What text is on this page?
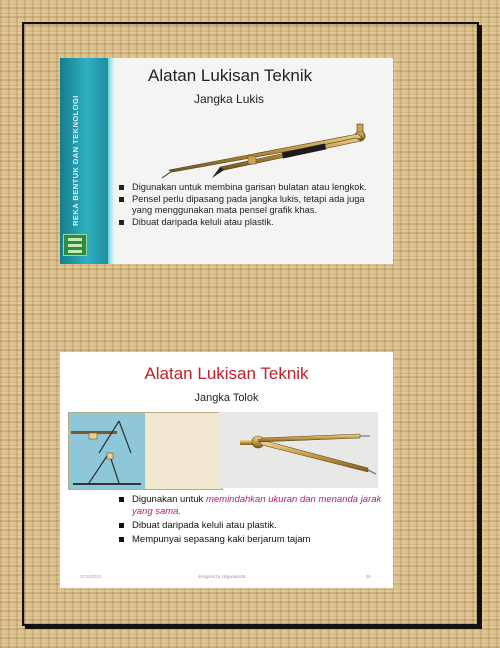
REKA BENTUK DAN TEKNOLOGI
Alatan Lukisan Teknik
Jangka Lukis
Digunakan untuk membina garisan bulatan atau lengkok.
Pensel perlu dipasang pada jangka lukis, tetapi ada juga yang menggunakan mata pensel grafik khas.
Dibuat daripada keluli atau plastik.
Alatan Lukisan Teknik
Jangka Tolok
Digunakan untuk memindahkan ukuran dan menanda jarak yang sama.
Dibuat daripada keluli atau plastik.
Mempunyai sepasang kaki berjarum tajam
17/12/2012	designed by cikguraisa28	35
